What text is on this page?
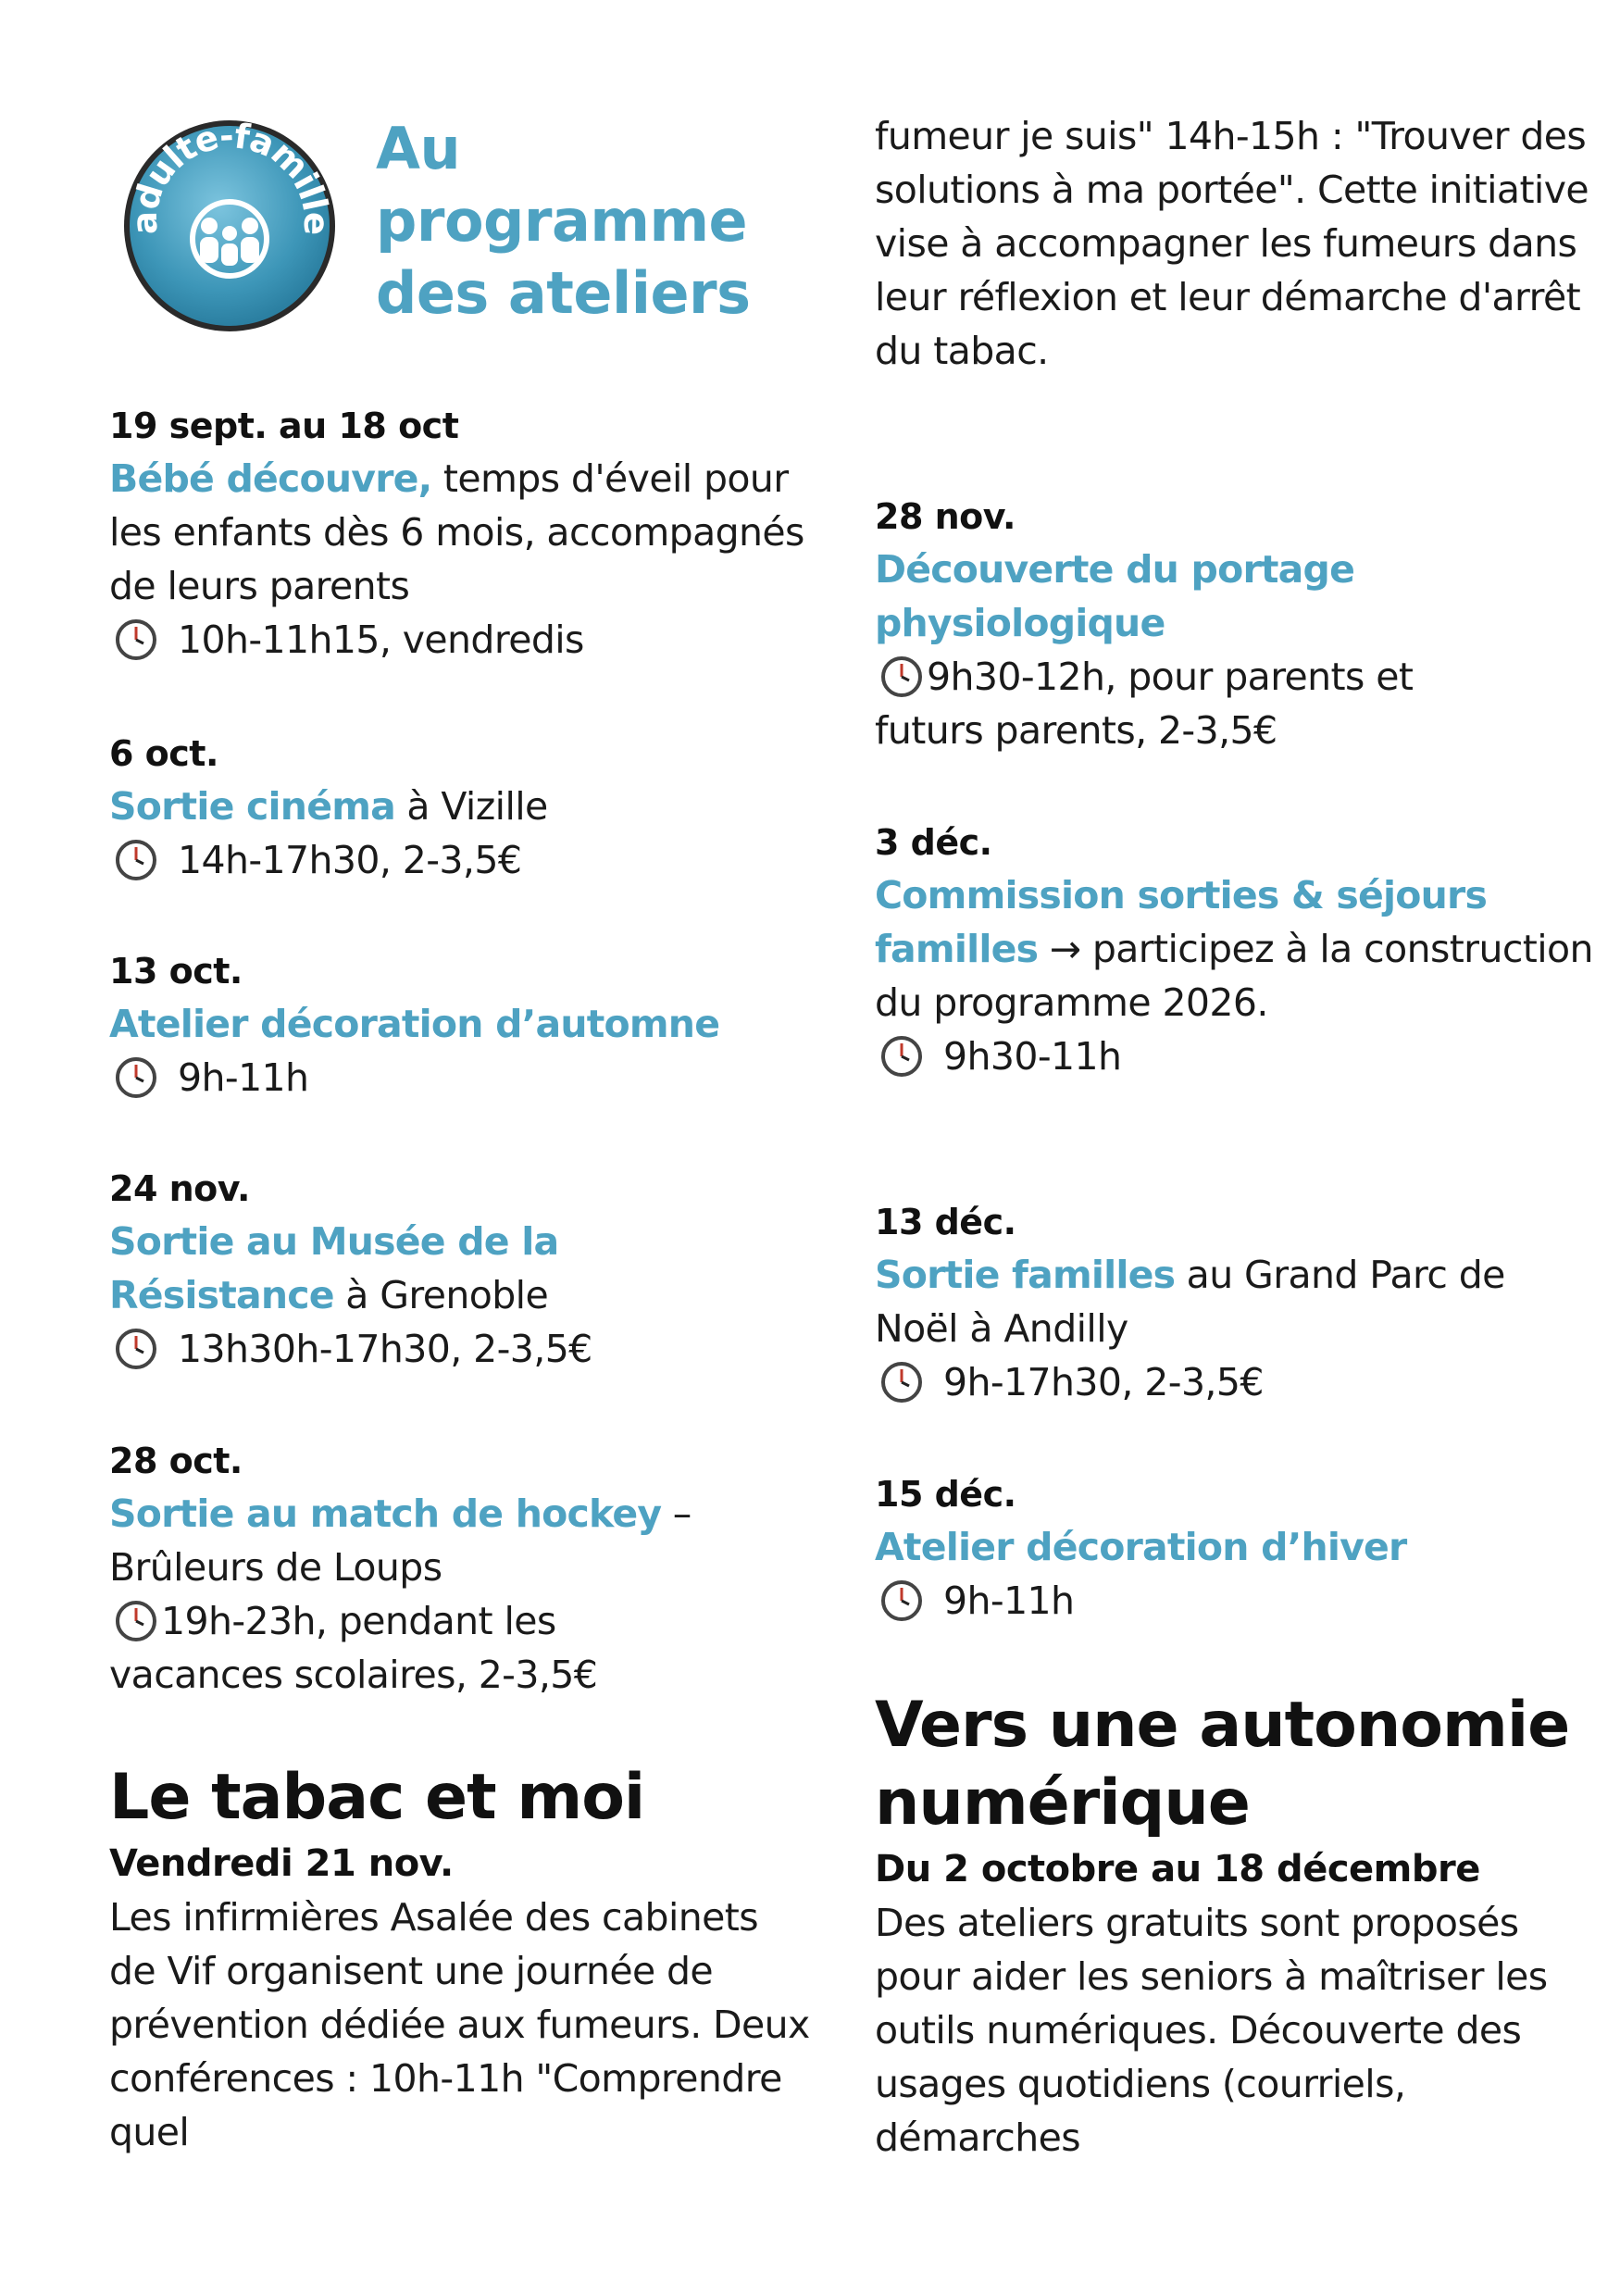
adulte-famille
Au
programme
des ateliers
19 sept. au 18 oct
Bébé découvre, temps d'éveil pour les enfants dès 6 mois, accompagnés de leurs parents
10h-11h15, vendredis
6 oct.
Sortie cinéma à Vizille
14h-17h30, 2-3,5€
13 oct.
Atelier décoration d’automne
9h-11h
24 nov.
Sortie au Musée de la Résistance à Grenoble
13h30h-17h30, 2-3,5€
28 oct.
Sortie au match de hockey – Brûleurs de Loups
19h-23h, pendant les vacances scolaires, 2-3,5€
Le tabac et moi
Vendredi 21 nov.
Les infirmières Asalée des cabinets de Vif organisent une journée de prévention dédiée aux fumeurs. Deux conférences : 10h-11h "Comprendre quel
fumeur je suis" 14h-15h : "Trouver des solutions à ma portée". Cette initiative vise à accompagner les fumeurs dans leur réflexion et leur démarche d'arrêt du tabac.
28 nov.
Découverte du portage physiologique
9h30-12h, pour parents et futurs parents, 2-3,5€
3 déc.
Commission sorties & séjours familles → participez à la construction du programme 2026.
9h30-11h
13 déc.
Sortie familles au Grand Parc de Noël à Andilly
9h-17h30, 2-3,5€
15 déc.
Atelier décoration d’hiver
9h-11h
Vers une autonomie numérique
Du 2 octobre au 18 décembre
Des ateliers gratuits sont proposés pour aider les seniors à maîtriser les outils numériques. Découverte des usages quotidiens (courriels, démarches
